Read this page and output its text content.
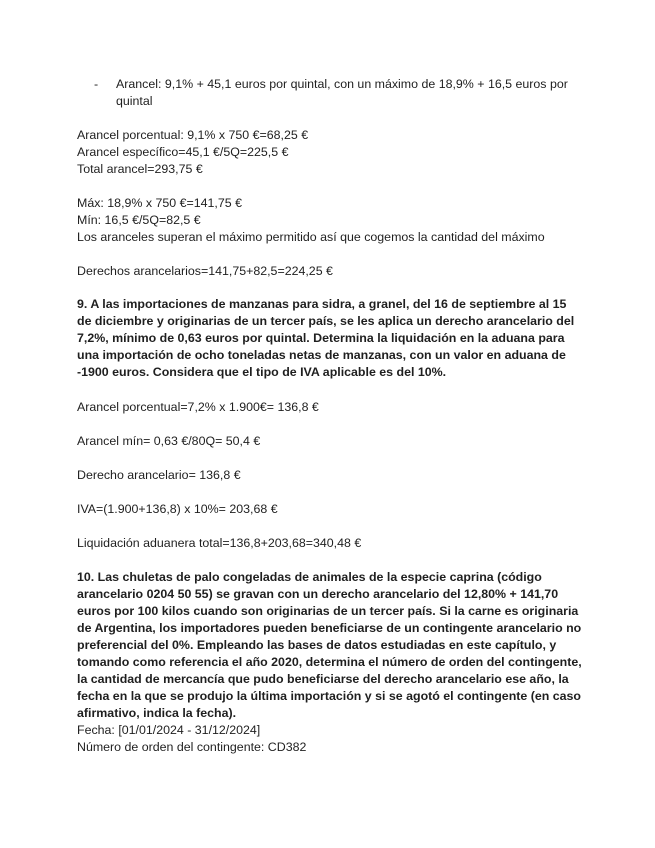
- Arancel: 9,1% + 45,1 euros por quintal, con un máximo de 18,9% + 16,5 euros por quintal
Arancel porcentual: 9,1% x 750 €=68,25 €
Arancel específico=45,1 €/5Q=225,5 €
Total arancel=293,75 €
Máx: 18,9% x 750 €=141,75 €
Mín: 16,5 €/5Q=82,5 €
Los aranceles superan el máximo permitido así que cogemos la cantidad del máximo
Derechos arancelarios=141,75+82,5=224,25 €
9. A las importaciones de manzanas para sidra, a granel, del 16 de septiembre al 15 de diciembre y originarias de un tercer país, se les aplica un derecho arancelario del 7,2%, mínimo de 0,63 euros por quintal. Determina la liquidación en la aduana para una importación de ocho toneladas netas de manzanas, con un valor en aduana de -1900 euros. Considera que el tipo de IVA aplicable es del 10%.
Arancel porcentual=7,2% x 1.900€= 136,8 €
Arancel mín= 0,63 €/80Q= 50,4 €
Derecho arancelario= 136,8 €
IVA=(1.900+136,8) x 10%= 203,68 €
Liquidación aduanera total=136,8+203,68=340,48 €
10. Las chuletas de palo congeladas de animales de la especie caprina (código arancelario 0204 50 55) se gravan con un derecho arancelario del 12,80% + 141,70 euros por 100 kilos cuando son originarias de un tercer país. Si la carne es originaria de Argentina, los importadores pueden beneficiarse de un contingente arancelario no preferencial del 0%. Empleando las bases de datos estudiadas en este capítulo, y tomando como referencia el año 2020, determina el número de orden del contingente, la cantidad de mercancía que pudo beneficiarse del derecho arancelario ese año, la fecha en la que se produjo la última importación y si se agotó el contingente (en caso afirmativo, indica la fecha).
Fecha: [01/01/2024 - 31/12/2024]
Número de orden del contingente: CD382
